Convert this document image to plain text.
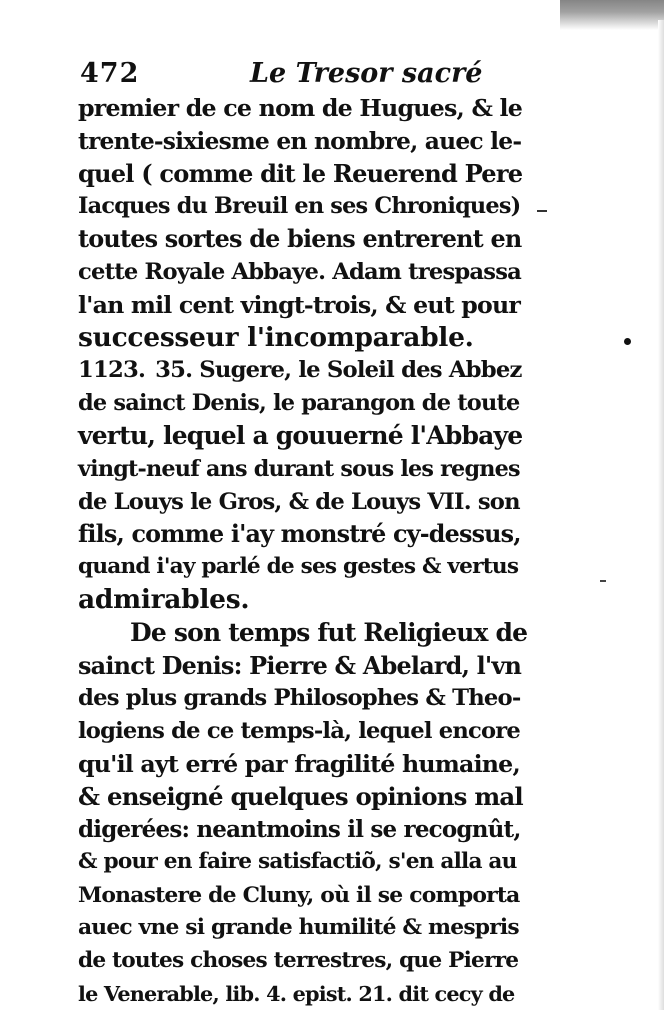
472	Le Tresor sacré
premier de ce nom de Hugues, & le
trente-sixiesme en nombre, auec le-
quel ( comme dit le Reuerend Pere
Iacques du Breuil en ses Chroniques)
toutes sortes de biens entrerent en
cette Royale Abbaye. Adam trespassa
l'an mil cent vingt-trois, & eut pour
successeur l'incomparable.
1123. 35. Sugere, le Soleil des Abbez
de sainct Denis, le parangon de toute
vertu, lequel a gouuerné l'Abbaye
vingt-neuf ans durant sous les regnes
de Louys le Gros, & de Louys VII. son
fils, comme i'ay monstré cy-dessus,
quand i'ay parlé de ses gestes & vertus
admirables.
De son temps fut Religieux de
sainct Denis: Pierre & Abelard, l'vn
des plus grands Philosophes & Theo-
logiens de ce temps-là, lequel encore
qu'il ayt erré par fragilité humaine,
& enseigné quelques opinions mal
digerées: neantmoins il se recognût,
& pour en faire satisfactiõ, s'en alla au
Monastere de Cluny, où il se comporta
auec vne si grande humilité & mespris
de toutes choses terrestres, que Pierre
le Venerable, lib. 4. epist. 21. dit cecy de
